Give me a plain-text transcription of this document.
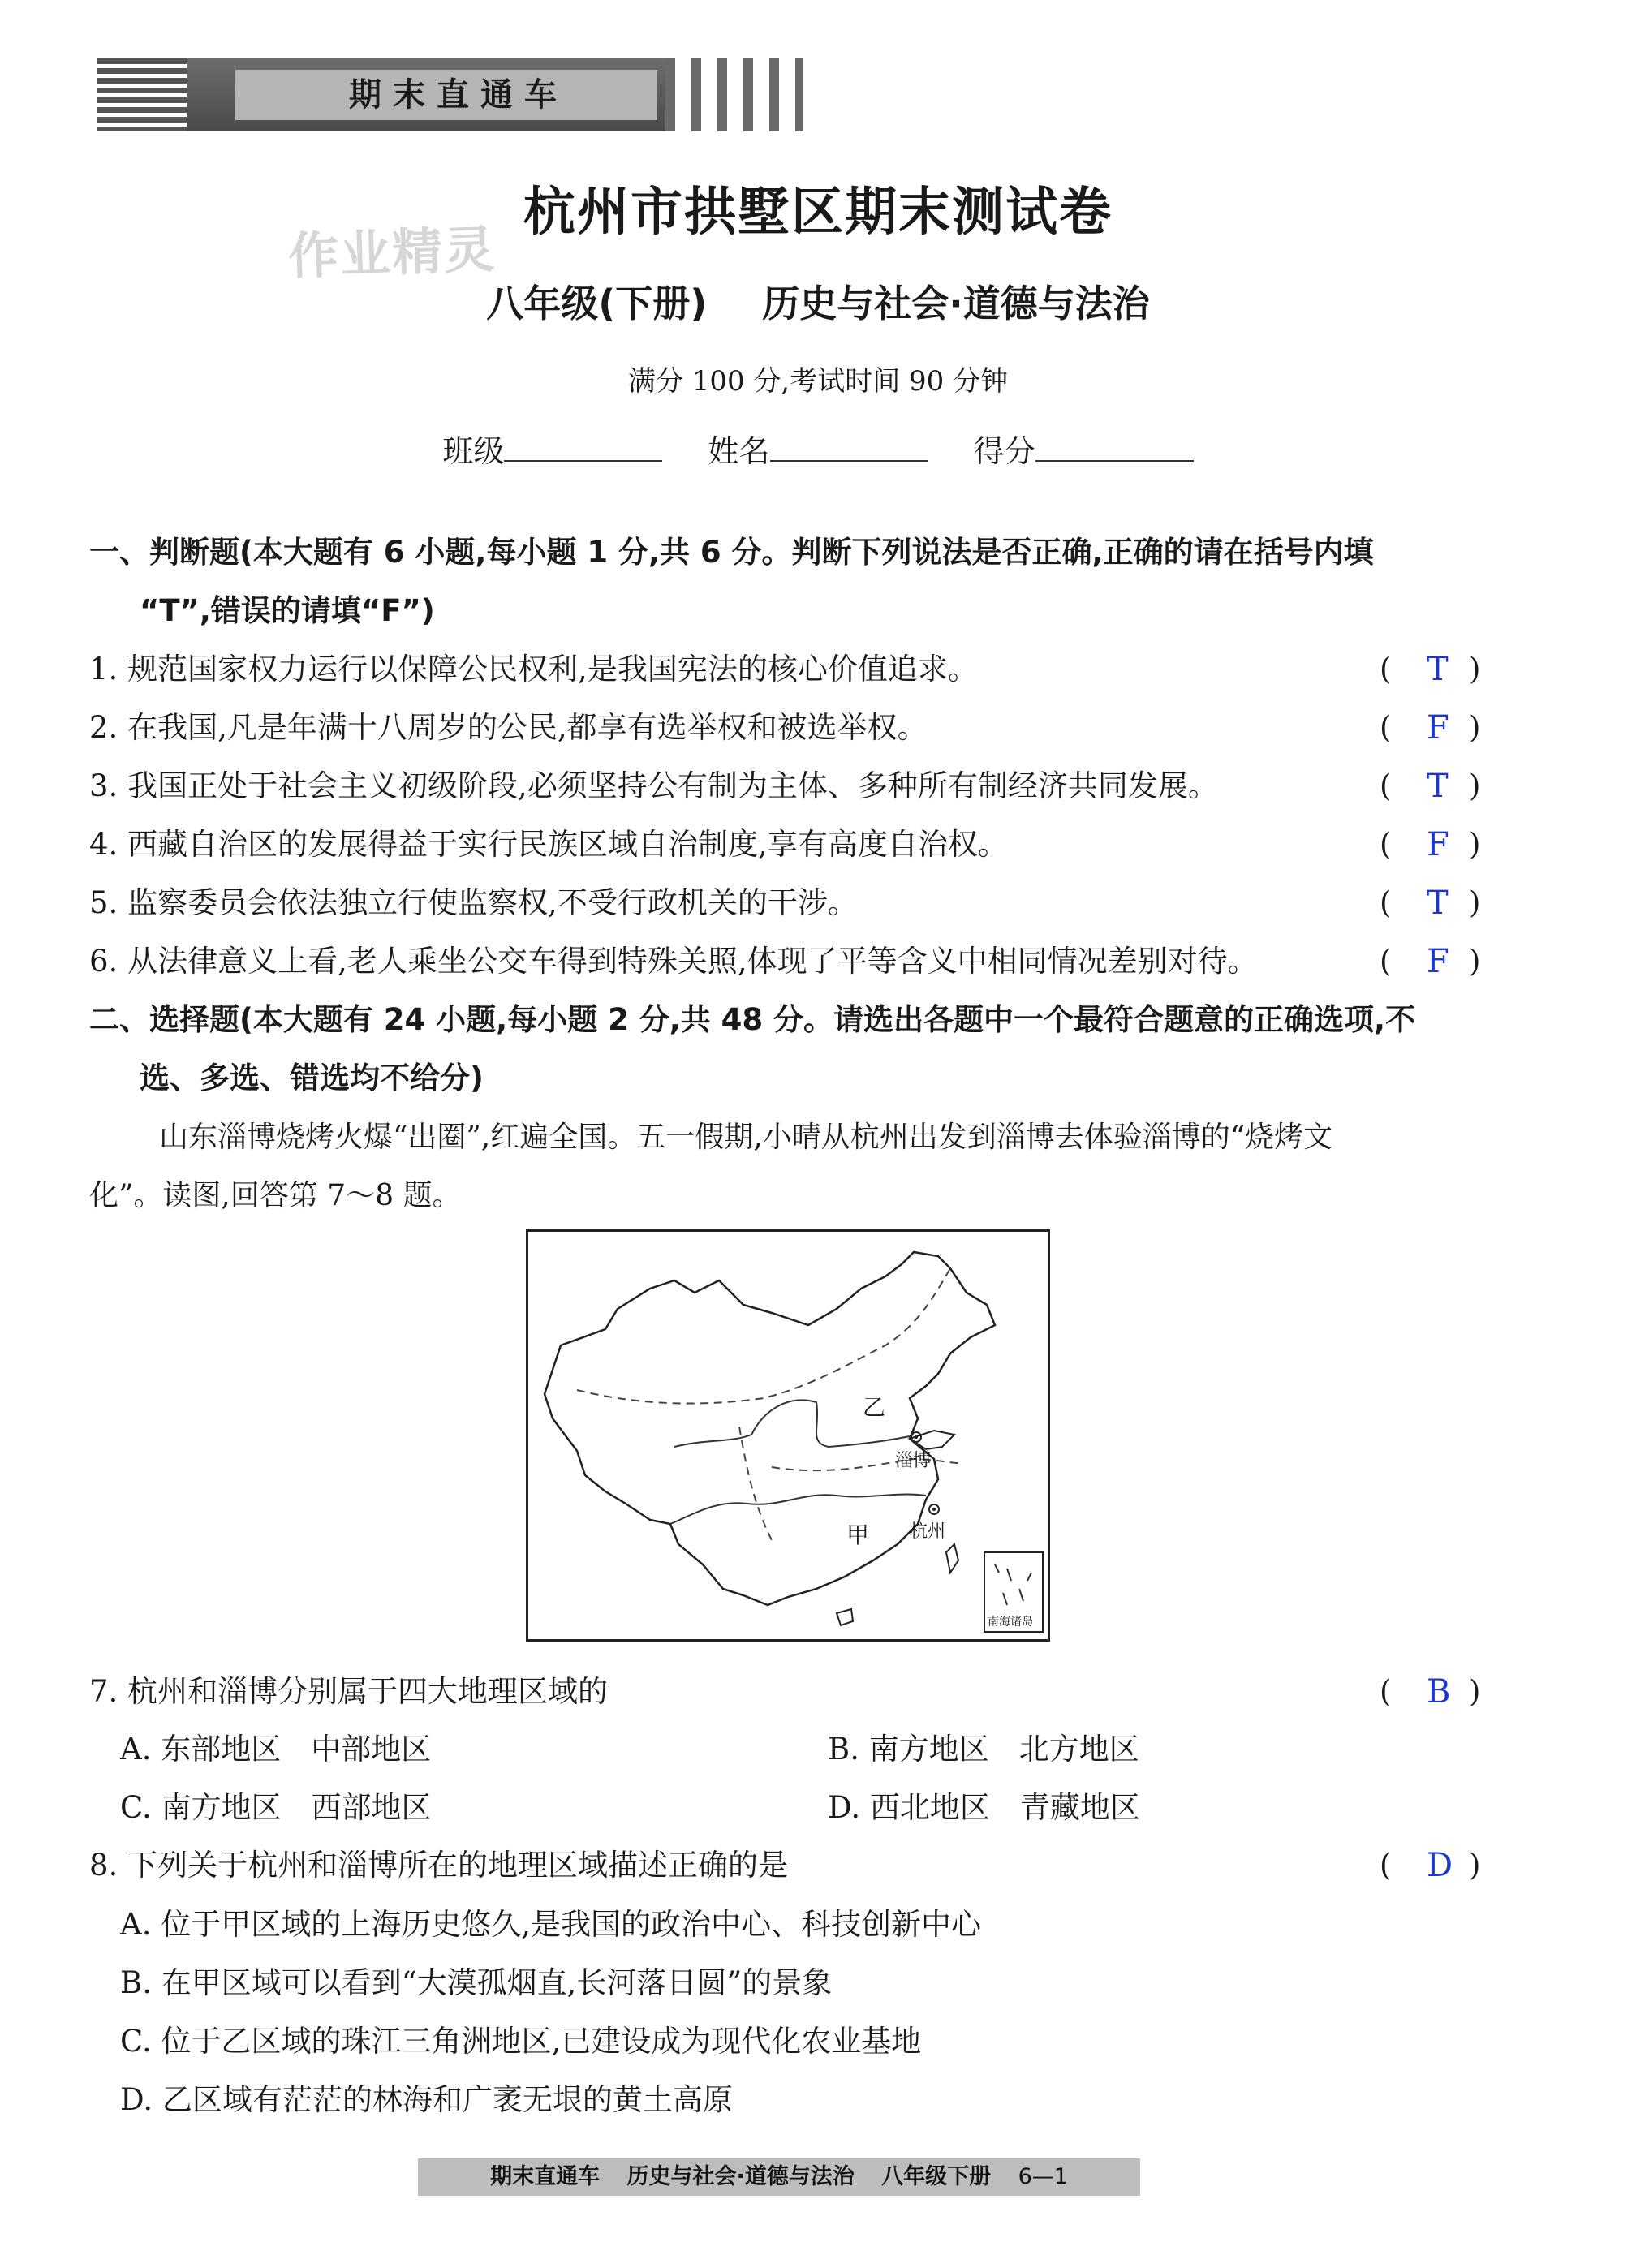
期末直通车
作业精灵
杭州市拱墅区期末测试卷
八年级(下册) 历史与社会·道德与法治
满分 100 分,考试时间 90 分钟
班级	姓名	得分
一、判断题(本大题有 6 小题,每小题 1 分,共 6 分。判断下列说法是否正确,正确的请在括号内填
“T”,错误的请填“F”)
1. 规范国家权力运行以保障公民权利,是我国宪法的核心价值追求。	( T )
2. 在我国,凡是年满十八周岁的公民,都享有选举权和被选举权。	( F )
3. 我国正处于社会主义初级阶段,必须坚持公有制为主体、多种所有制经济共同发展。	( T )
4. 西藏自治区的发展得益于实行民族区域自治制度,享有高度自治权。	( F )
5. 监察委员会依法独立行使监察权,不受行政机关的干涉。	( T )
6. 从法律意义上看,老人乘坐公交车得到特殊关照,体现了平等含义中相同情况差别对待。	( F )
二、选择题(本大题有 24 小题,每小题 2 分,共 48 分。请选出各题中一个最符合题意的正确选项,不
选、多选、错选均不给分)
山东淄博烧烤火爆“出圈”,红遍全国。五一假期,小晴从杭州出发到淄博去体验淄博的“烧烤文
化”。读图,回答第 7～8 题。
乙
甲
淄博
杭州
南海诸岛
7. 杭州和淄博分别属于四大地理区域的	( B )
A. 东部地区　中部地区	B. 南方地区　北方地区
C. 南方地区　西部地区	D. 西北地区　青藏地区
8. 下列关于杭州和淄博所在的地理区域描述正确的是	( D )
A. 位于甲区域的上海历史悠久,是我国的政治中心、科技创新中心
B. 在甲区域可以看到“大漠孤烟直,长河落日圆”的景象
C. 位于乙区域的珠江三角洲地区,已建设成为现代化农业基地
D. 乙区域有茫茫的林海和广袤无垠的黄土高原
期末直通车 历史与社会·道德与法治 八年级下册 6—1
